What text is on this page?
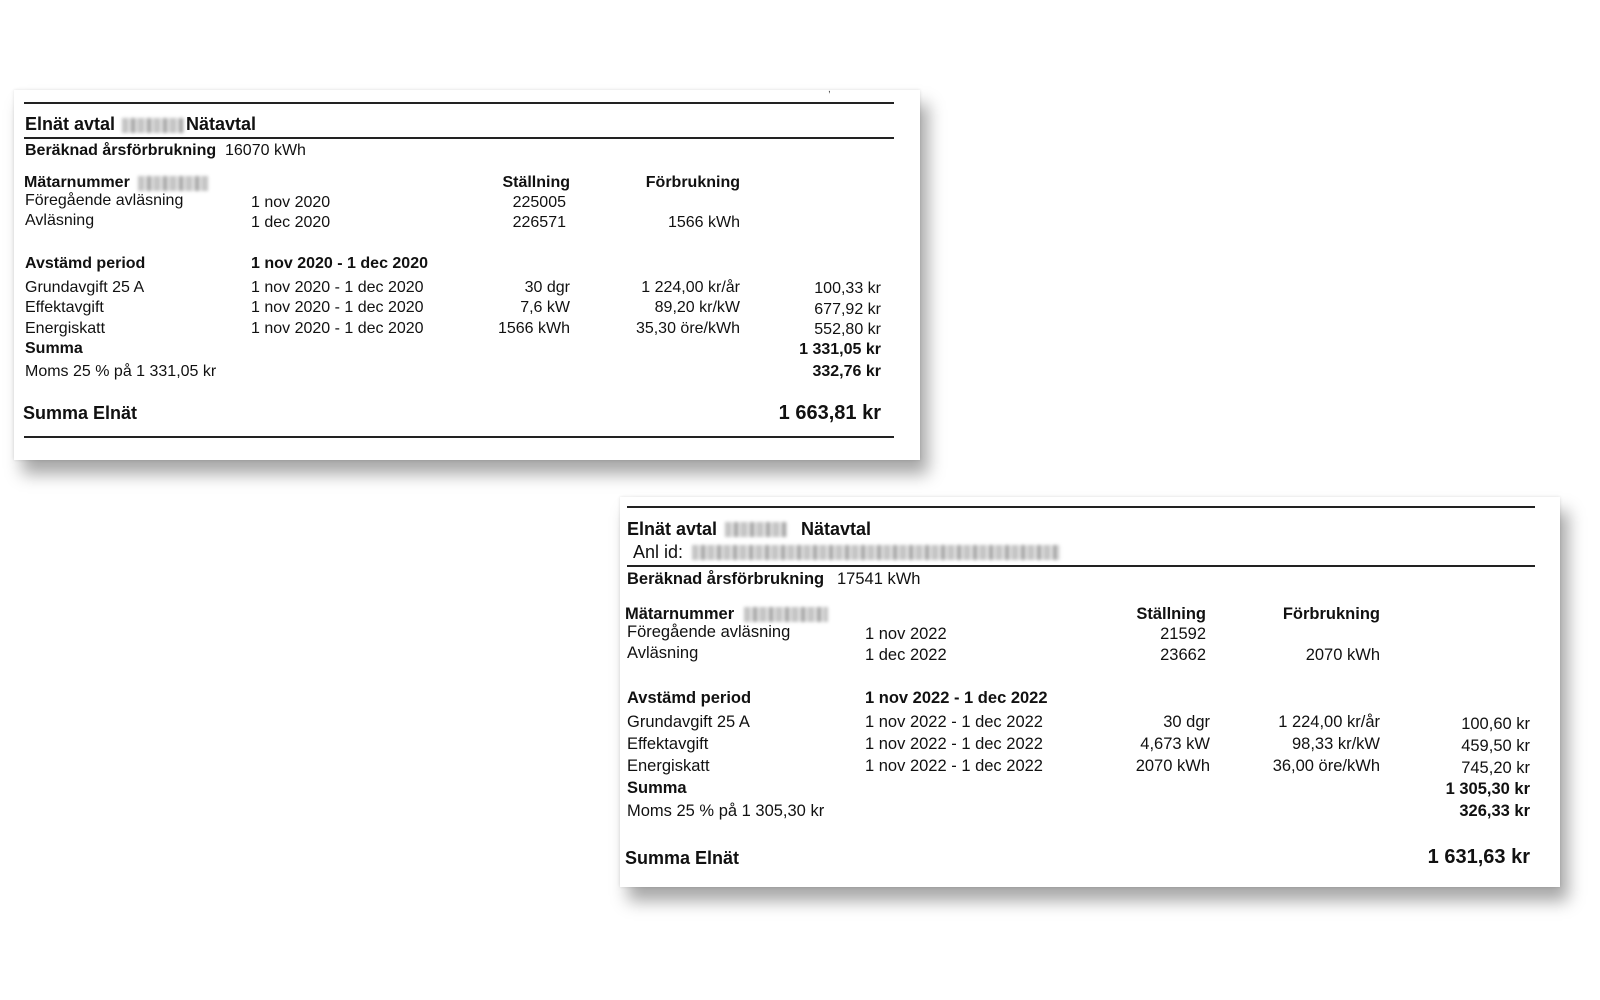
,
Elnät avtal	Nätavtal
Beräknad årsförbrukning 16070 kWh
Mätarnummer	Ställning	Förbrukning
Föregående avläsning	1 nov 2020	225005
Avläsning	1 dec 2020	226571	1566 kWh
Avstämd period	1 nov 2020 - 1 dec 2020
Grundavgift 25 A	1 nov 2020 - 1 dec 2020	30 dgr	1 224,00 kr/år	100,33 kr
Effektavgift	1 nov 2020 - 1 dec 2020	7,6 kW	89,20 kr/kW	677,92 kr
Energiskatt	1 nov 2020 - 1 dec 2020	1566 kWh	35,30 öre/kWh	552,80 kr
Summa	1 331,05 kr
Moms 25 % på 1 331,05 kr	332,76 kr
Summa Elnät	1 663,81 kr
Elnät avtal	Nätavtal
Anl id:
Beräknad årsförbrukning 17541 kWh
Mätarnummer	Ställning	Förbrukning
Föregående avläsning	1 nov 2022	21592
Avläsning	1 dec 2022	23662	2070 kWh
Avstämd period	1 nov 2022 - 1 dec 2022
Grundavgift 25 A	1 nov 2022 - 1 dec 2022	30 dgr	1 224,00 kr/år	100,60 kr
Effektavgift	1 nov 2022 - 1 dec 2022	4,673 kW	98,33 kr/kW	459,50 kr
Energiskatt	1 nov 2022 - 1 dec 2022	2070 kWh	36,00 öre/kWh	745,20 kr
Summa	1 305,30 kr
Moms 25 % på 1 305,30 kr	326,33 kr
Summa Elnät	1 631,63 kr
